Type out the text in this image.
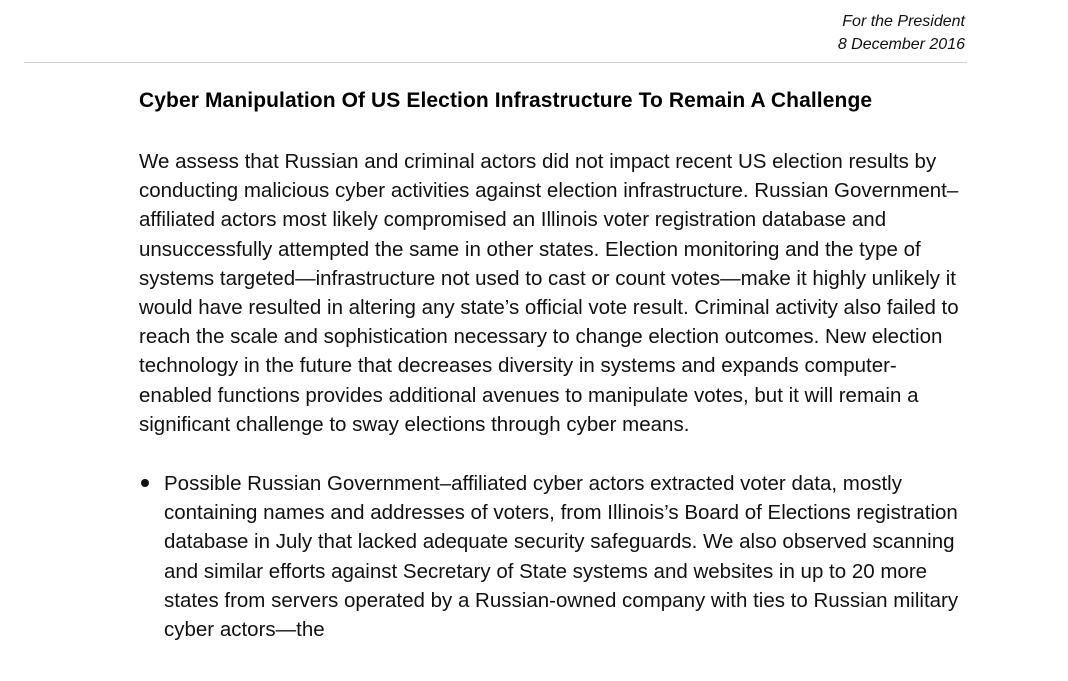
For the President
8 December 2016
Cyber Manipulation Of US Election Infrastructure To Remain A Challenge

We assess that Russian and criminal actors did not impact recent US election results by conducting malicious cyber activities against election infrastructure. Russian Government–affiliated actors most likely compromised an Illinois voter registration database and unsuccessfully attempted the same in other states. Election monitoring and the type of systems targeted—infrastructure not used to cast or count votes—make it highly unlikely it would have resulted in altering any state’s official vote result. Criminal activity also failed to reach the scale and sophistication necessary to change election outcomes. New election technology in the future that decreases diversity in systems and expands computer-enabled functions provides additional avenues to manipulate votes, but it will remain a significant challenge to sway elections through cyber means.

Possible Russian Government–affiliated cyber actors extracted voter data, mostly containing names and addresses of voters, from Illinois’s Board of Elections registration database in July that lacked adequate security safeguards. We also observed scanning and similar efforts against Secretary of State systems and websites in up to 20 more states from servers operated by a Russian-owned company with ties to Russian military cyber actors—the
